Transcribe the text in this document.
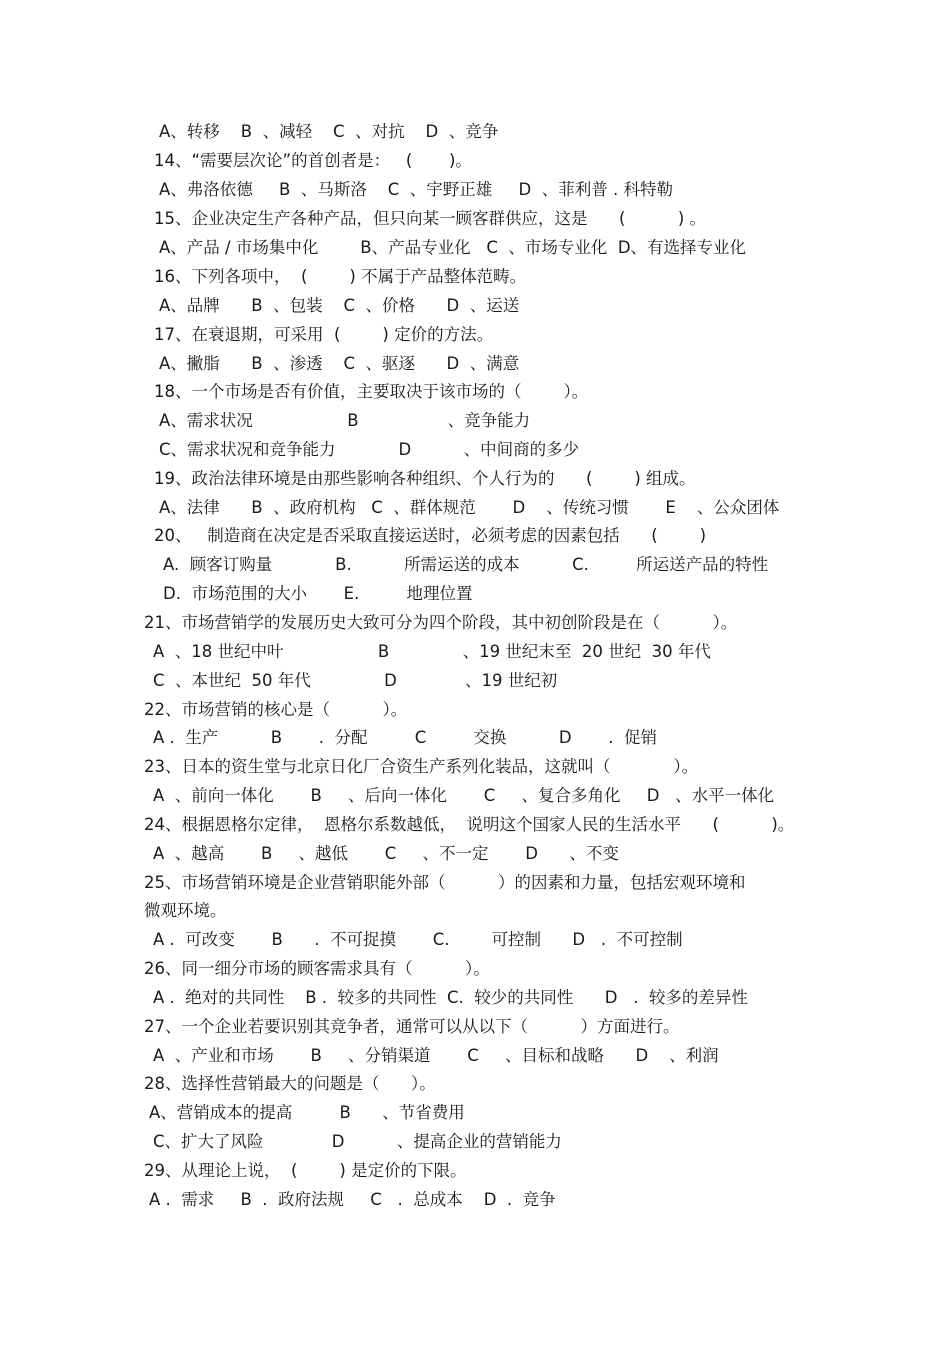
A、转移    B  、减轻    C  、对抗    D  、竞争
14、“需要层次论”的首创者是：   (       )。
A、弗洛依德     B  、马斯洛    C  、宇野正雄     D  、菲利普 . 科特勒
15、企业决定生产各种产品，但只向某一顾客群供应，这是      (          ) 。
A、产品 / 市场集中化        B、产品专业化   C  、市场专业化  D、有选择专业化
16、下列各项中，  (        ) 不属于产品整体范畴。
A、品牌      B  、包装    C  、价格      D  、运送
17、在衰退期，可采用  (        ) 定价的方法。
A、撇脂      B  、渗透    C  、驱逐      D  、满意
18、一个市场是否有价值，主要取决于该市场的（        ）。
A、需求状况                  B                 、竞争能力
C、需求状况和竞争能力            D          、中间商的多少
19、政治法律环境是由那些影响各种组织、个人行为的      (        ) 组成。
A、法律      B  、政府机构   C  、群体规范       D    、传统习惯       E    、公众团体
20、   制造商在决定是否采取直接运送时，必须考虑的因素包括      (        )
A.  顾客订购量            B.          所需运送的成本          C.         所运送产品的特性
D.  市场范围的大小       E.         地理位置
21、市场营销学的发展历史大致可分为四个阶段，其中初创阶段是在（          ）。
A  、18 世纪中叶                  B              、19 世纪末至  20 世纪  30 年代
C  、本世纪  50 年代              D             、19 世纪初
22、市场营销的核心是（          ）。
A .  生产          B       .  分配         C         交换          D       .  促销
23、日本的资生堂与北京日化厂合资生产系列化装品，这就叫（            ）。
A  、前向一体化       B     、后向一体化       C     、复合多角化     D   、水平一体化
24、根据恩格尔定律，  恩格尔系数越低，  说明这个国家人民的生活水平      (          )。
A  、越高       B     、越低       C     、不一定       D      、不变
25、市场营销环境是企业营销职能外部（          ）的因素和力量，包括宏观环境和
微观环境。
A .  可改变       B      .  不可捉摸       C.        可控制      D   .  不可控制
26、同一细分市场的顾客需求具有（          ）。
A .  绝对的共同性    B .  较多的共同性  C.  较少的共同性      D   .  较多的差异性
27、一个企业若要识别其竞争者，通常可以从以下（          ）方面进行。
A  、产业和市场       B     、分销渠道       C     、目标和战略      D    、利润
28、选择性营销最大的问题是（      ）。
A、营销成本的提高         B      、节省费用
C、扩大了风险             D          、提高企业的营销能力
29、从理论上说，  (        ) 是定价的下限。
A .  需求     B  .  政府法规     C   .  总成本    D  .  竞争
